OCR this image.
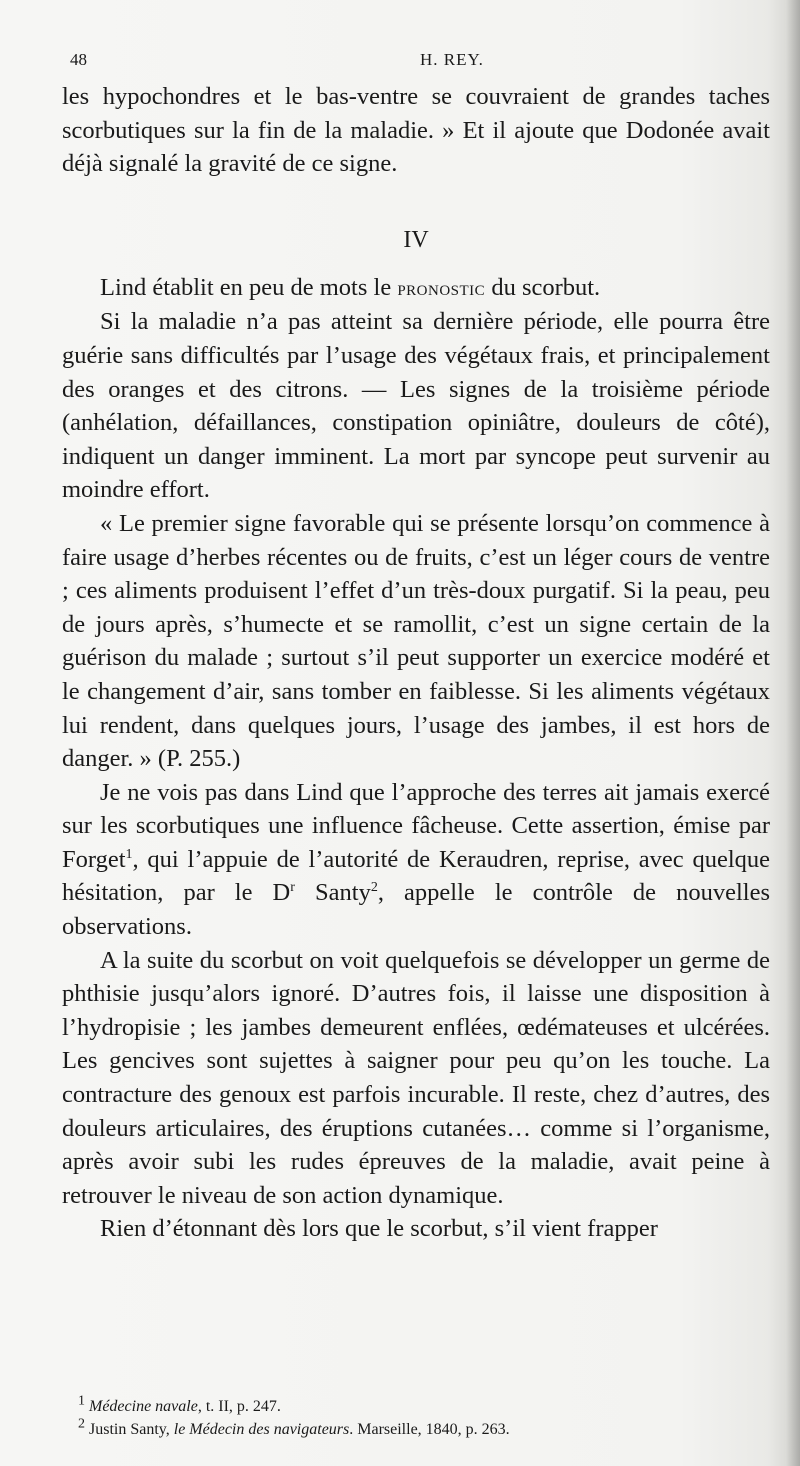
48	H. REY.

les hypochondres et le bas-ventre se couvraient de grandes taches scorbutiques sur la fin de la maladie. » Et il ajoute que Dodonée avait déjà signalé la gravité de ce signe.

IV

Lind établit en peu de mots le pronostic du scorbut.

Si la maladie n’a pas atteint sa dernière période, elle pourra être guérie sans difficultés par l’usage des végétaux frais, et principalement des oranges et des citrons. — Les signes de la troisième période (anhélation, défaillances, constipation opiniâtre, douleurs de côté), indiquent un danger imminent. La mort par syncope peut survenir au moindre effort.

« Le premier signe favorable qui se présente lorsqu’on commence à faire usage d’herbes récentes ou de fruits, c’est un léger cours de ventre ; ces aliments produisent l’effet d’un très-doux purgatif. Si la peau, peu de jours après, s’humecte et se ramollit, c’est un signe certain de la guérison du malade ; surtout s’il peut supporter un exercice modéré et le changement d’air, sans tomber en faiblesse. Si les aliments végétaux lui rendent, dans quelques jours, l’usage des jambes, il est hors de danger. » (P. 255.)

Je ne vois pas dans Lind que l’approche des terres ait jamais exercé sur les scorbutiques une influence fâcheuse. Cette assertion, émise par Forget$^1$, qui l’appuie de l’autorité de Keraudren, reprise, avec quelque hésitation, par le $D^r$ Santy$^2$, appelle le contrôle de nouvelles observations.

A la suite du scorbut on voit quelquefois se développer un germe de phthisie jusqu’alors ignoré. D’autres fois, il laisse une disposition à l’hydropisie ; les jambes demeurent enflées, œdémateuses et ulcérées. Les gencives sont sujettes à saigner pour peu qu’on les touche. La contracture des genoux est parfois incurable. Il reste, chez d’autres, des douleurs articulaires, des éruptions cutanées… comme si l’organisme, après avoir subi les rudes épreuves de la maladie, avait peine à retrouver le niveau de son action dynamique.

Rien d’étonnant dès lors que le scorbut, s’il vient frapper

$^1$ Médecine navale, t. II, p. 247.

$^2$ Justin Santy, le Médecin des navigateurs. Marseille, 1840, p. 263.
